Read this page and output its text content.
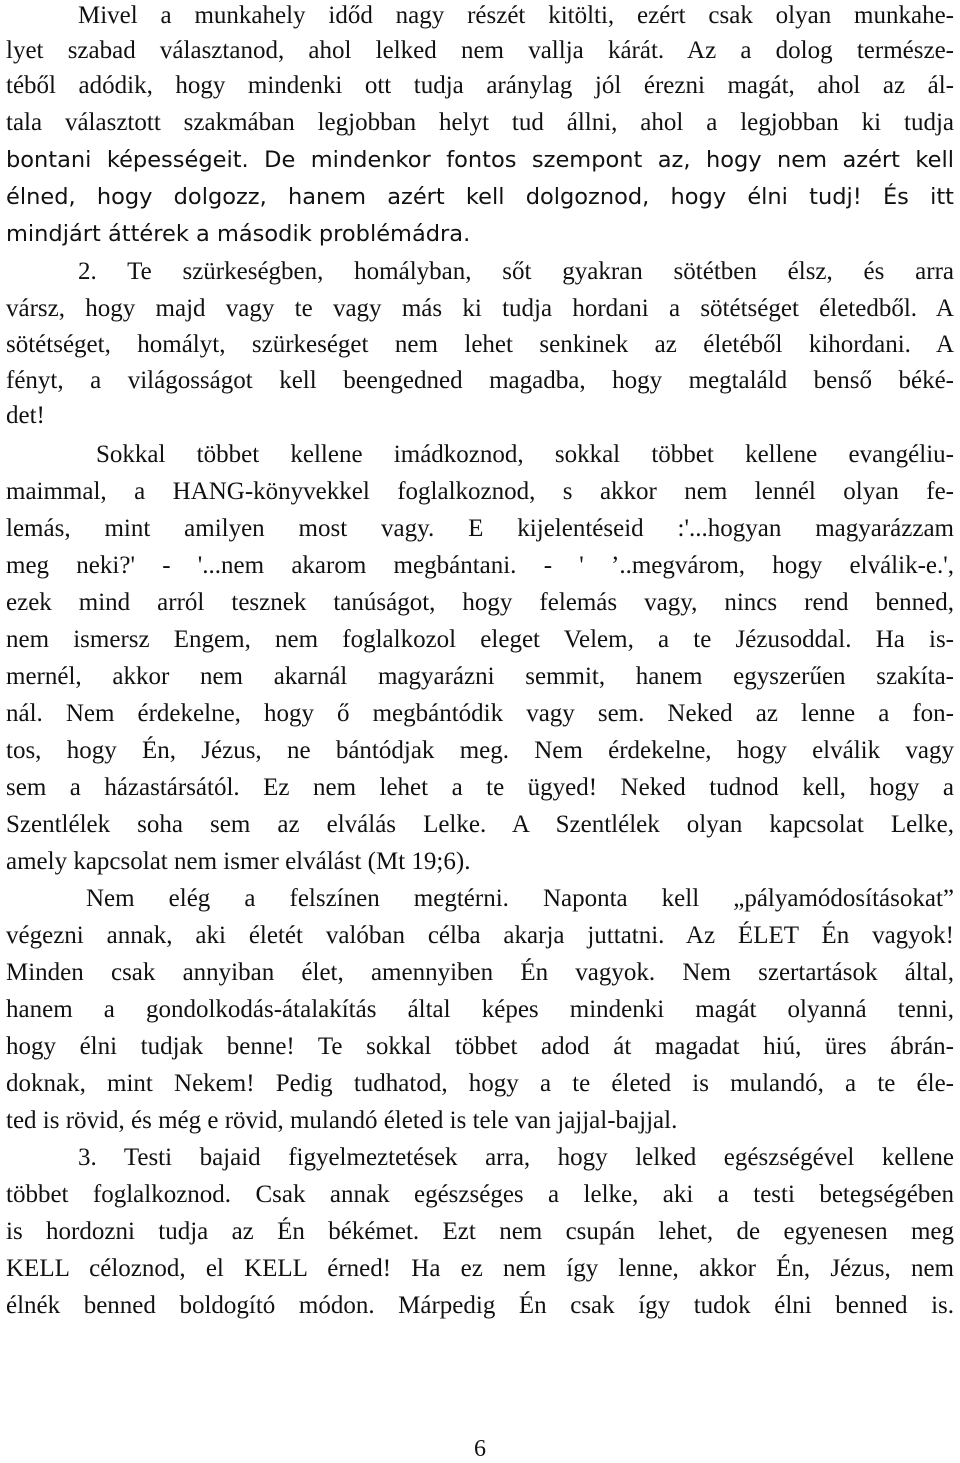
Mivel a munkahely időd nagy részét kitölti, ezért csak olyan munkahe-
lyet szabad választanod, ahol lelked nem vallja kárát. Az a dolog természe-
téből adódik, hogy mindenki ott tudja aránylag jól érezni magát, ahol az ál-
tala választott szakmában legjobban helyt tud állni, ahol a legjobban ki tudja
bontani képességeit. De mindenkor fontos szempont az, hogy nem azért kell
élned, hogy dolgozz, hanem azért kell dolgoznod, hogy élni tudj! És itt
mindjárt áttérek a második problémádra.
2. Te szürkeségben, homályban, sőt gyakran sötétben élsz, és arra
vársz, hogy majd vagy te vagy más ki tudja hordani a sötétséget életedből. A
sötétséget, homályt, szürkeséget nem lehet senkinek az életéből kihordani. A
fényt, a világosságot kell beengedned magadba, hogy megtaláld benső béké-
det!
Sokkal többet kellene imádkoznod, sokkal többet kellene evangéliu-
maimmal, a HANG-könyvekkel foglalkoznod, s akkor nem lennél olyan fe-
lemás, mint amilyen most vagy. E kijelentéseid :'...hogyan magyarázzam
meg neki?' - '...nem akarom megbántani. - ' ’..megvárom, hogy elválik-e.',
ezek mind arról tesznek tanúságot, hogy felemás vagy, nincs rend benned,
nem ismersz Engem, nem foglalkozol eleget Velem, a te Jézusoddal. Ha is-
mernél, akkor nem akarnál magyarázni semmit, hanem egyszerűen szakíta-
nál. Nem érdekelne, hogy ő megbántódik vagy sem. Neked az lenne a fon-
tos, hogy Én, Jézus, ne bántódjak meg. Nem érdekelne, hogy elválik vagy
sem a házastársától. Ez nem lehet a te ügyed! Neked tudnod kell, hogy a
Szentlélek soha sem az elválás Lelke. A Szentlélek olyan kapcsolat Lelke,
amely kapcsolat nem ismer elválást (Mt 19;6).
Nem elég a felszínen megtérni. Naponta kell „pályamódosításokat”
végezni annak, aki életét valóban célba akarja juttatni. Az ÉLET Én vagyok!
Minden csak annyiban élet, amennyiben Én vagyok. Nem szertartások által,
hanem a gondolkodás-átalakítás által képes mindenki magát olyanná tenni,
hogy élni tudjak benne! Te sokkal többet adod át magadat hiú, üres ábrán-
doknak, mint Nekem! Pedig tudhatod, hogy a te életed is mulandó, a te éle-
ted is rövid, és még e rövid, mulandó életed is tele van jajjal-bajjal.
3. Testi bajaid figyelmeztetések arra, hogy lelked egészségével kellene
többet foglalkoznod. Csak annak egészséges a lelke, aki a testi betegségében
is hordozni tudja az Én békémet. Ezt nem csupán lehet, de egyenesen meg
KELL céloznod, el KELL érned! Ha ez nem így lenne, akkor Én, Jézus, nem
élnék benned boldogító módon. Márpedig Én csak így tudok élni benned is.
6
